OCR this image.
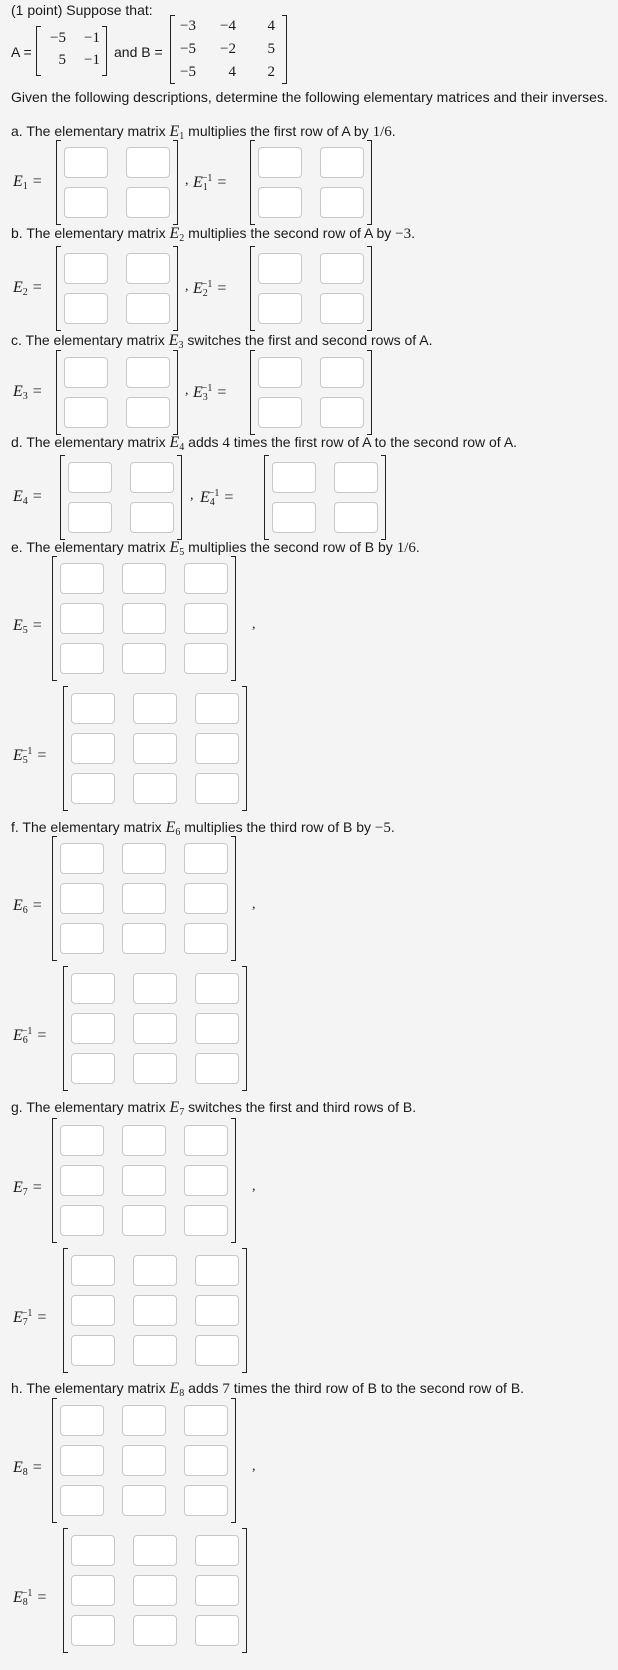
(1 point) Suppose that:
A =
−5	−1
5	−1 and B =
−3	−4	4
−5	−2	5
−5	4	2
Given the following descriptions, determine the following elementary matrices and their inverses.
a. The elementary matrix $E_1$ multiplies the first row of A by 1/6.
b. The elementary matrix $E_2$ multiplies the second row of A by −3.
c. The elementary matrix $E_3$ switches the first and second rows of A.
d. The elementary matrix $E_4$ adds 4 times the first row of A to the second row of A.
e. The elementary matrix $E_5$ multiplies the second row of B by 1/6.
f. The elementary matrix $E_6$ multiplies the third row of B by −5.
g. The elementary matrix $E_7$ switches the first and third rows of B.
h. The elementary matrix $E_8$ adds 7 times the third row of B to the second row of B.
$E_1$ =	, $E_1^{-1}$ =
$E_2$ =	, $E_2^{-1}$ =
$E_3$ =	, $E_3^{-1}$ =
$E_4$ =	, $E_4^{-1}$ =
$E_5$ =	,
$E_5^{-1}$ =
$E_6$ =	,
$E_6^{-1}$ =
$E_7$ =	,
$E_7^{-1}$ =
$E_8$ =	,
$E_8^{-1}$ =
